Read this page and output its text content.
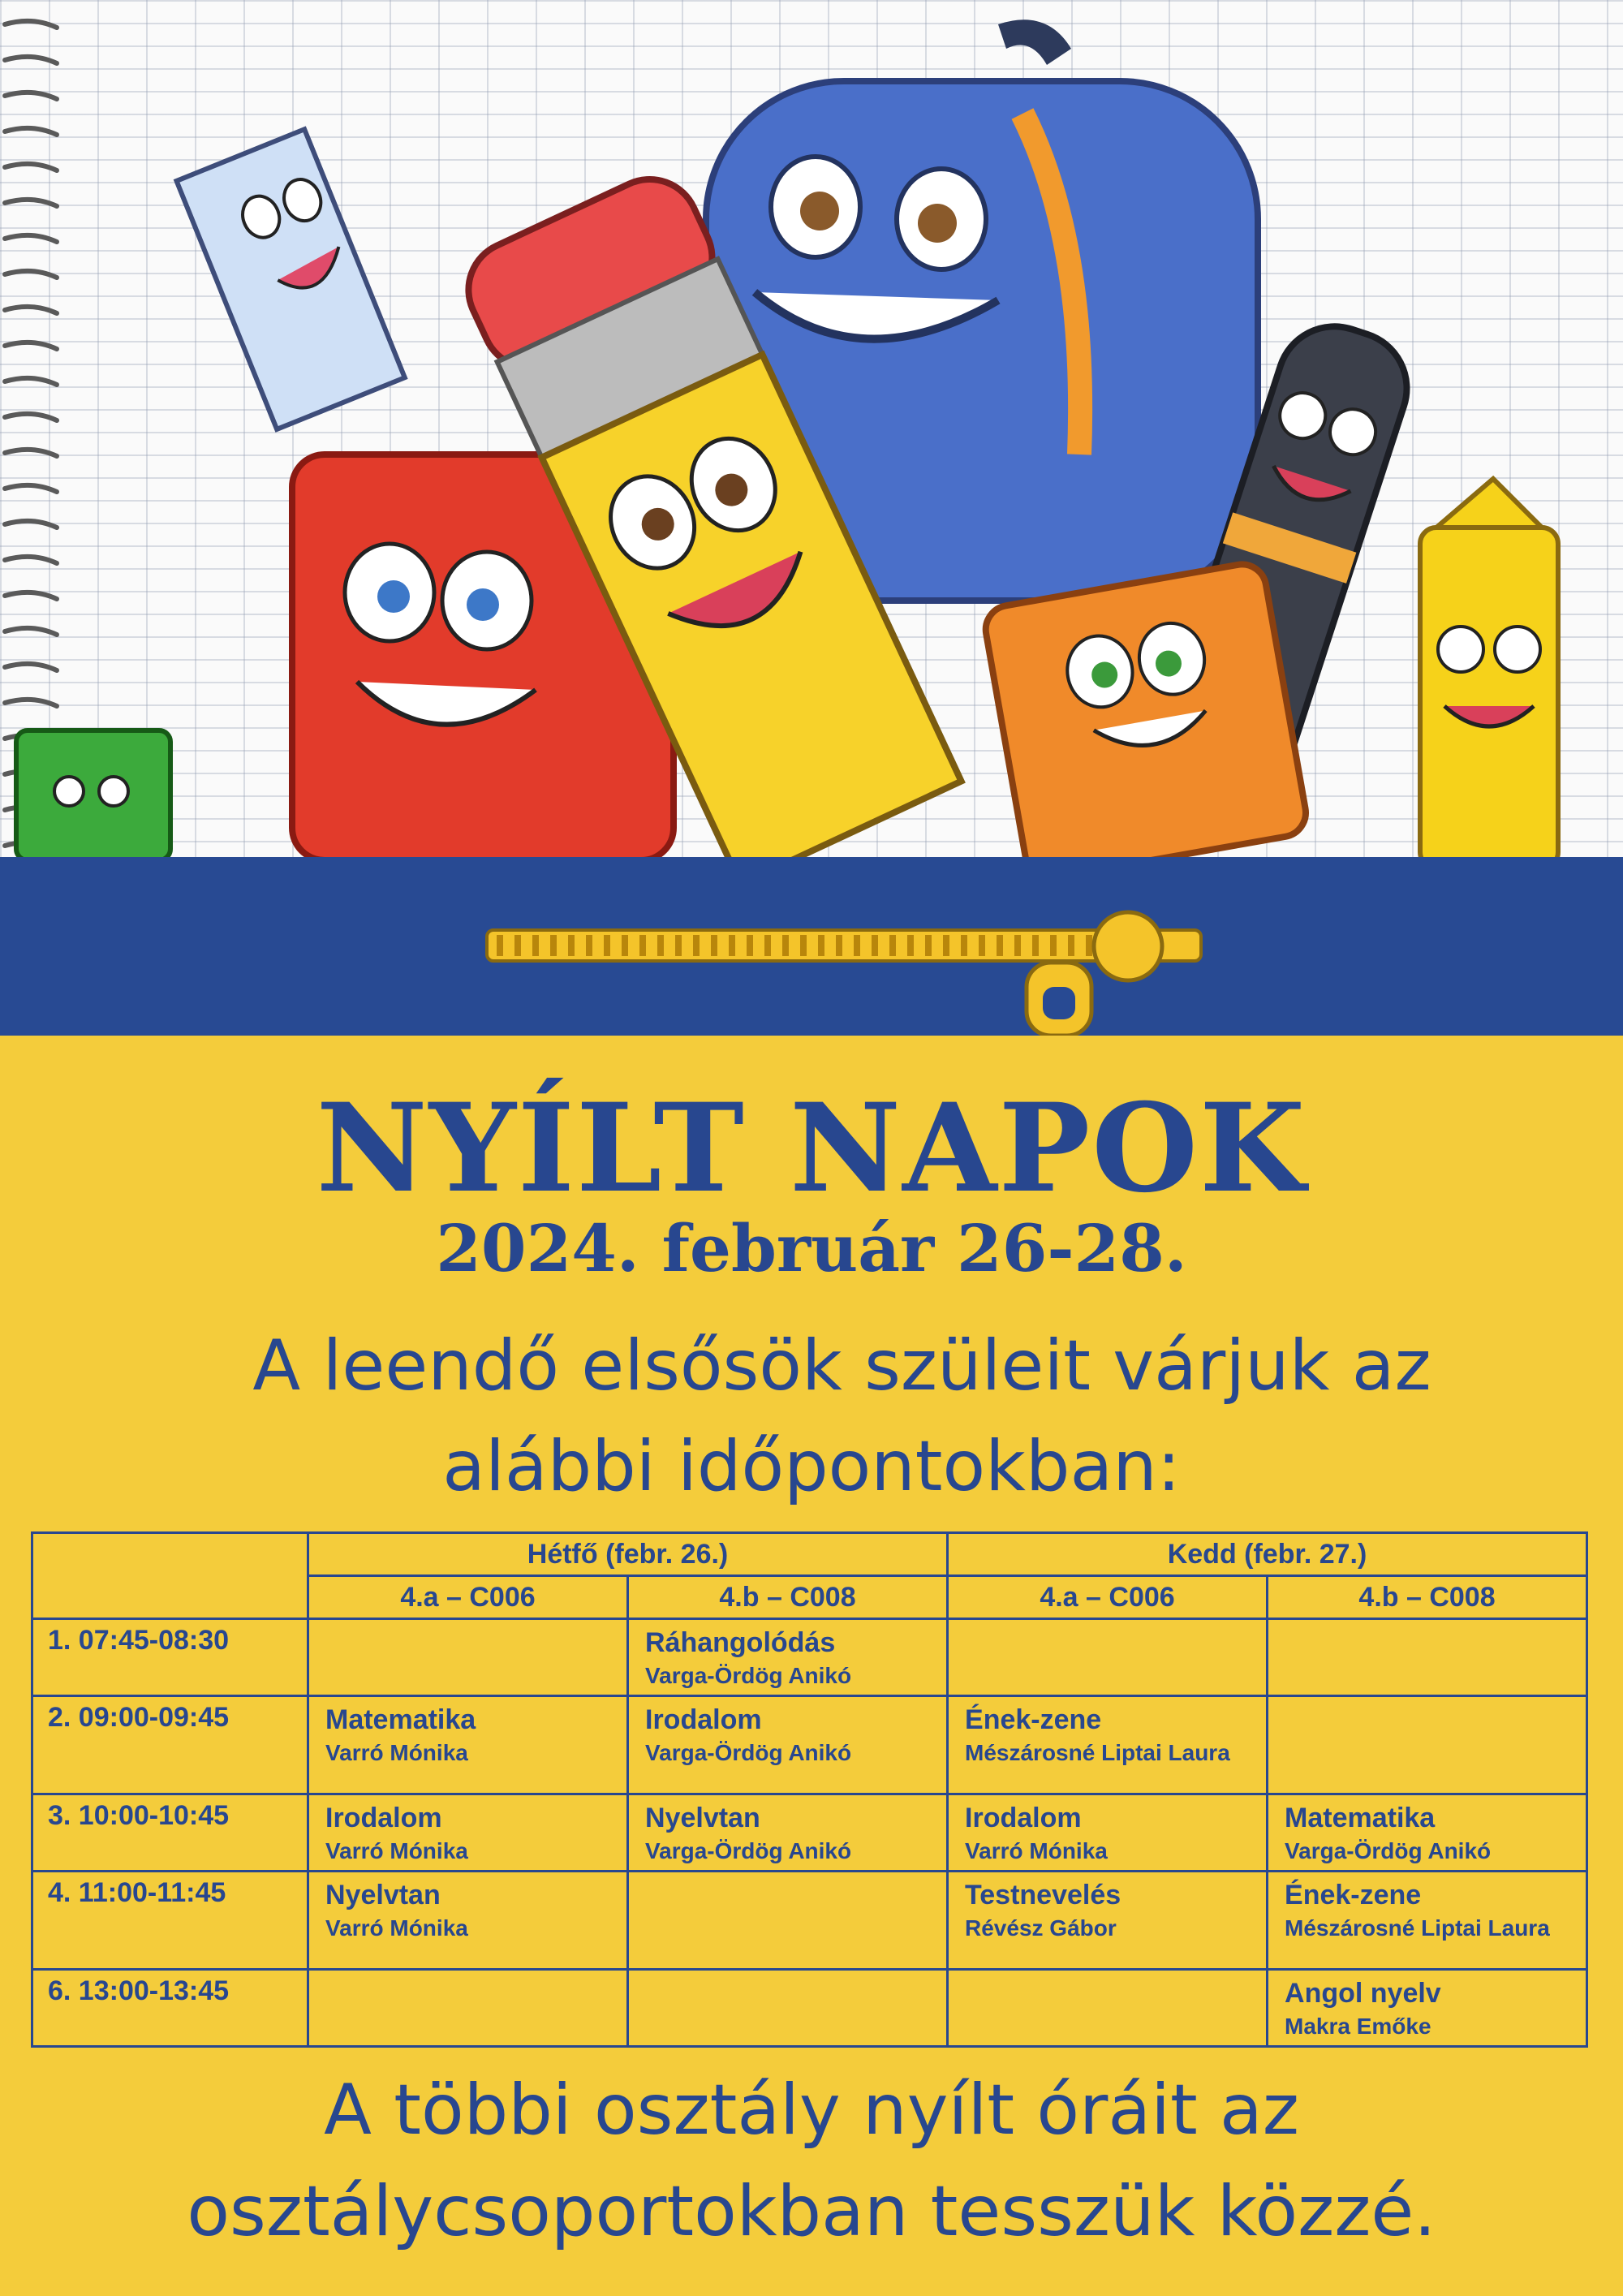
NYÍLT NAPOK
2024. február 26-28.
A leendő elsősök szüleit várjuk az
alábbi időpontokban:
	Hétfő (febr. 26.)		Kedd (febr. 27.)	
	4.a – C006	4.b – C008	4.a – C006	4.b – C008
1. 07:45-08:30		Ráhangolódás
Varga-Ördög Anikó		

2. 09:00-09:45	Matematika
Varró Mónika	Irodalom
Varga-Ördög Anikó	Ének-zene
Mészárosné Liptai Laura	

3. 10:00-10:45	Irodalom
Varró Mónika	Nyelvtan
Varga-Ördög Anikó	Irodalom
Varró Mónika	Matematika
Varga-Ördög Anikó

4. 11:00-11:45	Nyelvtan
Varró Mónika		Testnevelés
Révész Gábor	Ének-zene
Mészárosné Liptai Laura

6. 13:00-13:45				Angol nyelv
Makra Emőke
A többi osztály nyílt óráit az
osztálycsoportokban tesszük közzé.
